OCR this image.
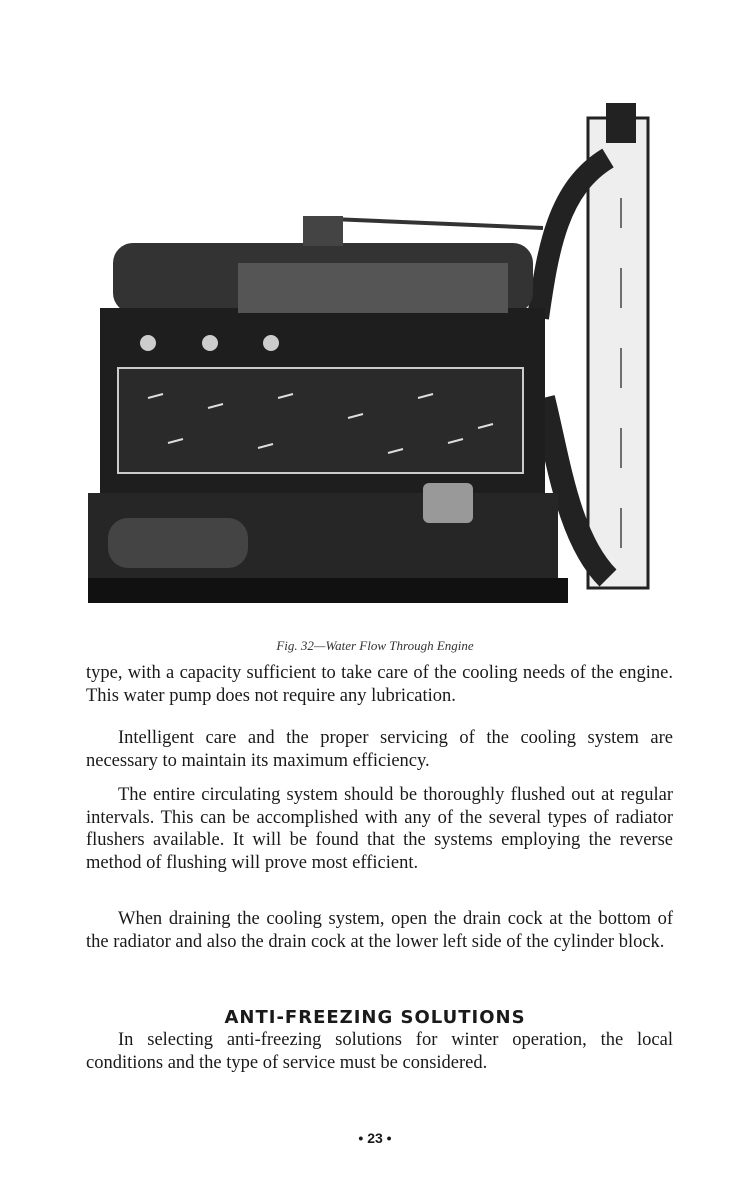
Fig. 32—Water Flow Through Engine

type, with a capacity sufficient to take care of the cooling needs of the engine. This water pump does not require any lubrication.

Intelligent care and the proper servicing of the cooling system are necessary to maintain its maximum efficiency.

The entire circulating system should be thoroughly flushed out at regular intervals. This can be accomplished with any of the several types of radiator flushers available. It will be found that the systems employing the reverse method of flushing will prove most efficient.

When draining the cooling system, open the drain cock at the bottom of the radiator and also the drain cock at the lower left side of the cylinder block.

ANTI-FREEZING SOLUTIONS

In selecting anti-freezing solutions for winter operation, the local conditions and the type of service must be considered.

• 23 •
